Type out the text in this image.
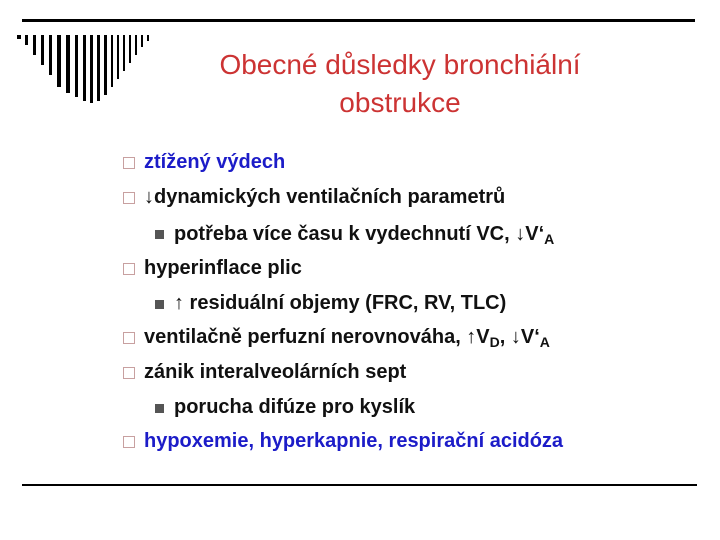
Obecné důsledky bronchiální
obstrukce
ztížený výdech
↓dynamických ventilačních parametrů
potřeba více času k vydechnutí VC, $↓V‘_A$
hyperinflace plic
↑ residuální objemy (FRC, RV, TLC)
ventilačně perfuzní nerovnováha, $↑V_D$, $↓V‘_A$
zánik interalveolárních sept
porucha difúze pro kyslík
hypoxemie, hyperkapnie, respirační acidóza
